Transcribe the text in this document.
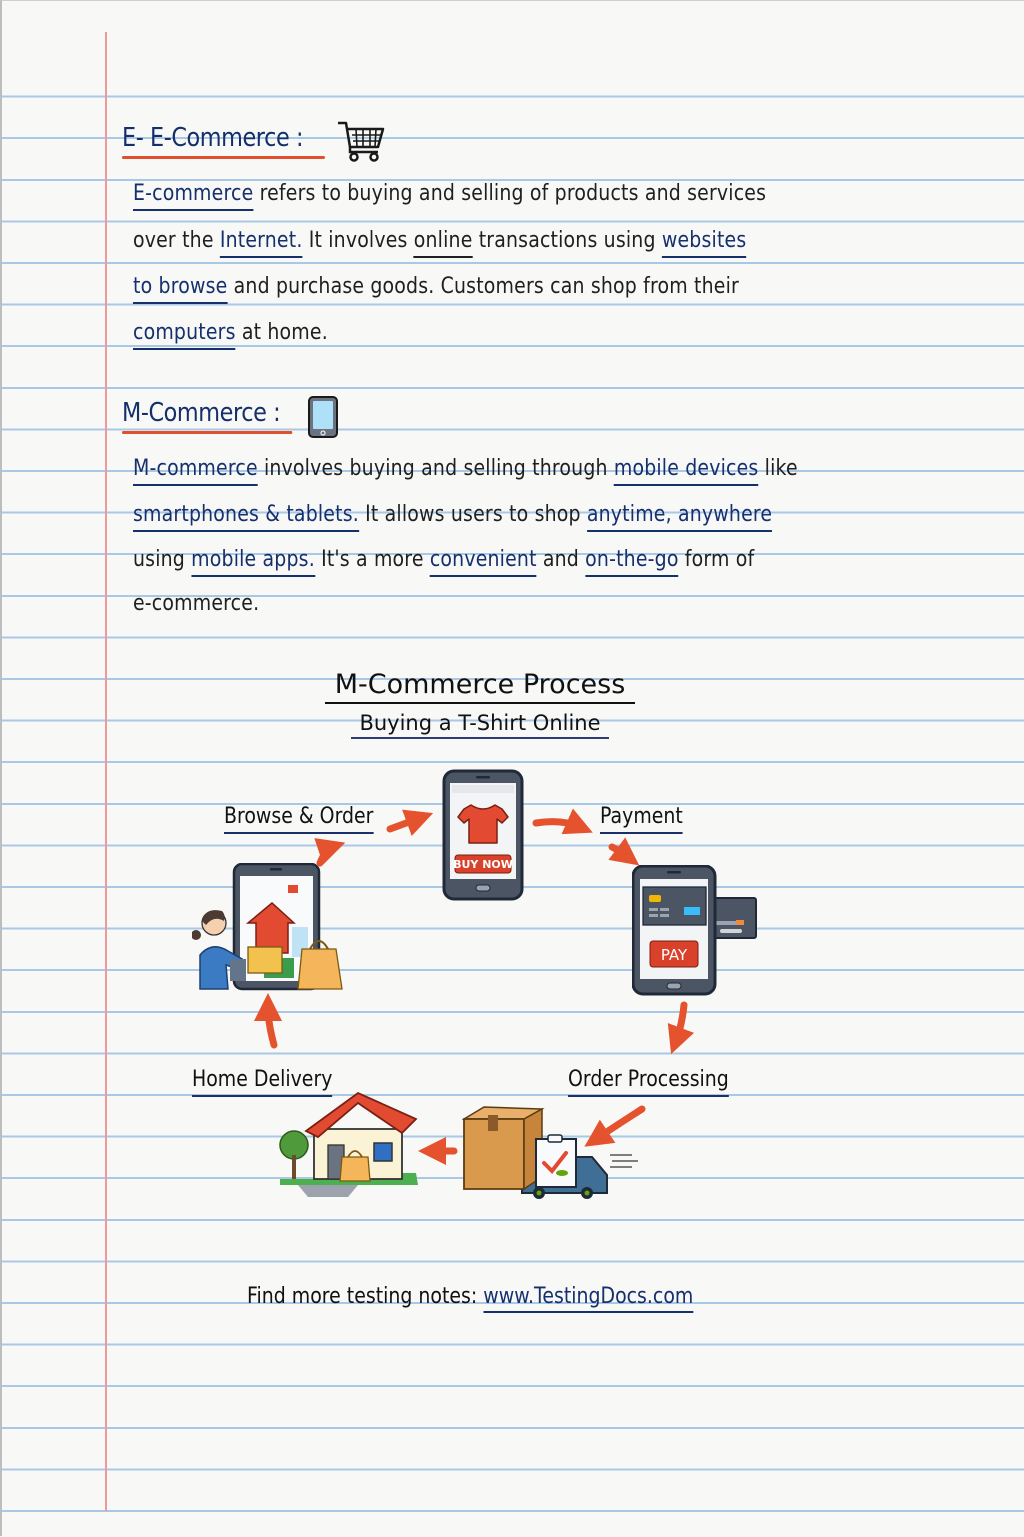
E- E-Commerce :
E-commerce refers to buying and selling of products and services
over the Internet. It involves online transactions using websites
to browse and purchase goods. Customers can shop from their
computers at home.
M-Commerce :
M-commerce involves buying and selling through mobile devices like
smartphones & tablets. It allows users to shop anytime, anywhere
using mobile apps. It's a more convenient and on-the-go form of
e-commerce.
M-Commerce Process
Buying a T-Shirt Online
Browse & Order	Payment
Order Processing
Home Delivery
BUY NOW
PAY
Find more testing notes: www.TestingDocs.com
